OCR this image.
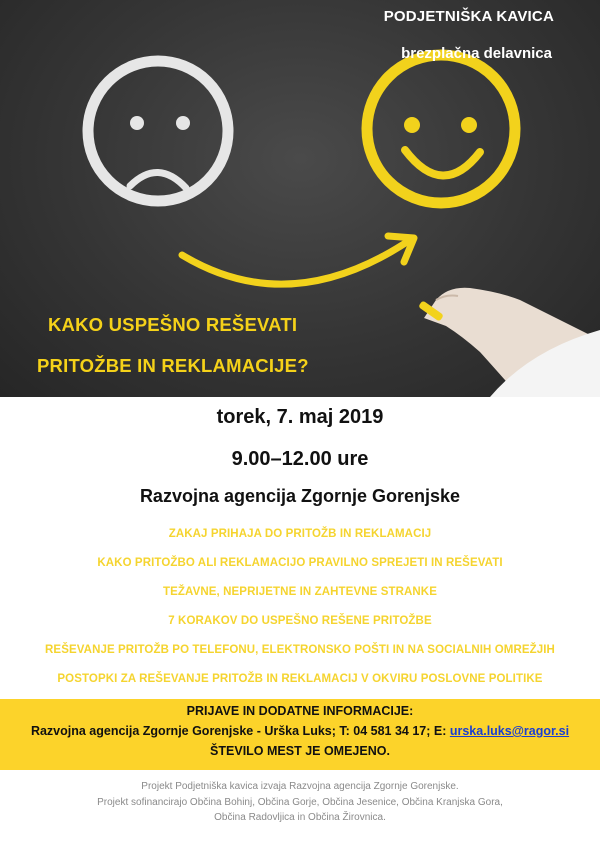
PODJETNIŠKA KAVICA

brezplačna delavnica

KAKO USPEŠNO REŠEVATI

PRITOŽBE IN REKLAMACIJE?

torek, 7. maj 2019

9.00–12.00 ure

Razvojna agencija Zgornje Gorenjske

ZAKAJ PRIHAJA DO PRITOŽB IN REKLAMACIJ
KAKO PRITOŽBO ALI REKLAMACIJO PRAVILNO SPREJETI IN REŠEVATI
TEŽAVNE, NEPRIJETNE IN ZAHTEVNE STRANKE
7 KORAKOV DO USPEŠNO REŠENE PRITOŽBE
REŠEVANJE PRITOŽB PO TELEFONU, ELEKTRONSKO POŠTI IN NA SOCIALNIH OMREŽJIH
POSTOPKI ZA REŠEVANJE PRITOŽB IN REKLAMACIJ V OKVIRU POSLOVNE POLITIKE

PRIJAVE IN DODATNE INFORMACIJE:

Razvojna agencija Zgornje Gorenjske - Urška Luks; T: 04 581 34 17; E: urska.luks@ragor.si

ŠTEVILO MEST JE OMEJENO.

Projekt Podjetniška kavica izvaja Razvojna agencija Zgornje Gorenjske.

Projekt sofinancirajo Občina Bohinj, Občina Gorje, Občina Jesenice, Občina Kranjska Gora,

Občina Radovljica in Občina Žirovnica.
